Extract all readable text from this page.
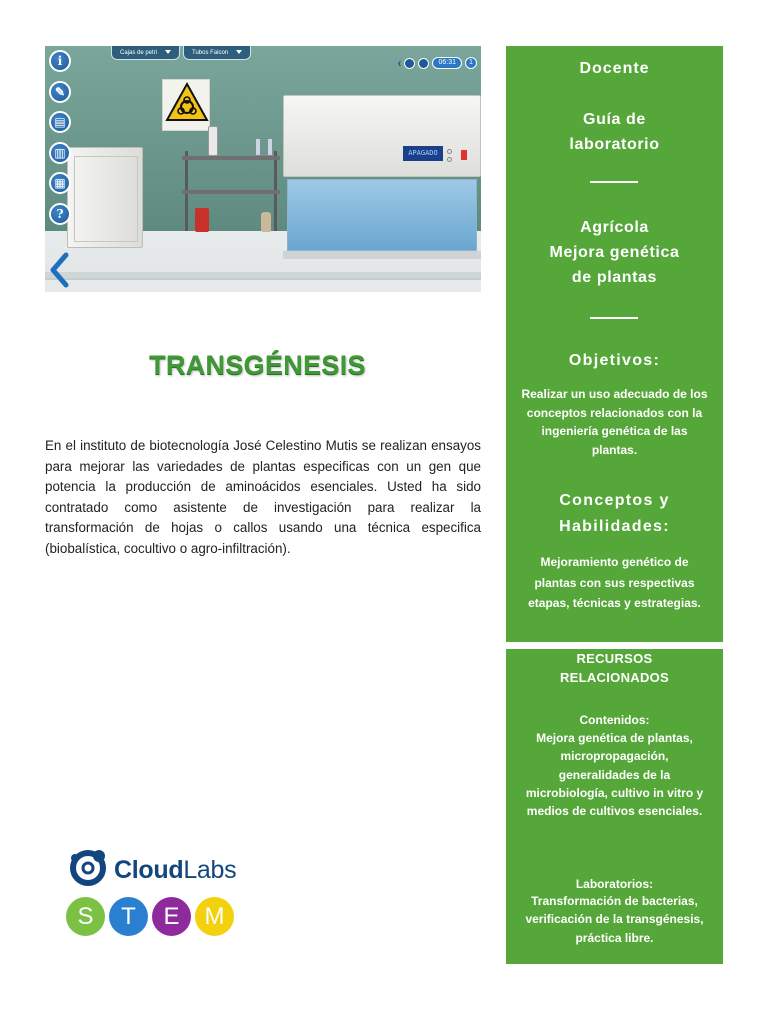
APAGADO
Cajas de petri	Tubos Falcon
‹	06:31	1
i
✎
▤
▥
▦
?
TRANSGÉNESIS

En el instituto de biotecnología José Celestino Mutis se realizan ensayos para mejorar las variedades de plantas especificas con un gen que potencia la producción de aminoácidos esenciales. Usted ha sido contratado como asistente de investigación para realizar la transformación de hojas o callos usando una técnica especifica (biobalística, cocultivo o agro-infiltración).

CloudLabs
S	T	E	M
Docente
Guía de
laboratorio
Agrícola
Mejora genética
de plantas
Objetivos:
Realizar un uso adecuado de los conceptos relacionados con la ingeniería genética de las plantas.
Conceptos y
Habilidades:
Mejoramiento genético de plantas con sus respectivas etapas, técnicas y estrategias.
RECURSOS
RELACIONADOS
Contenidos:
Mejora genética de plantas, micropropagación, generalidades de la microbiología, cultivo in vitro y medios de cultivos esenciales.
Laboratorios:
Transformación de bacterias, verificación de la transgénesis, práctica libre.
